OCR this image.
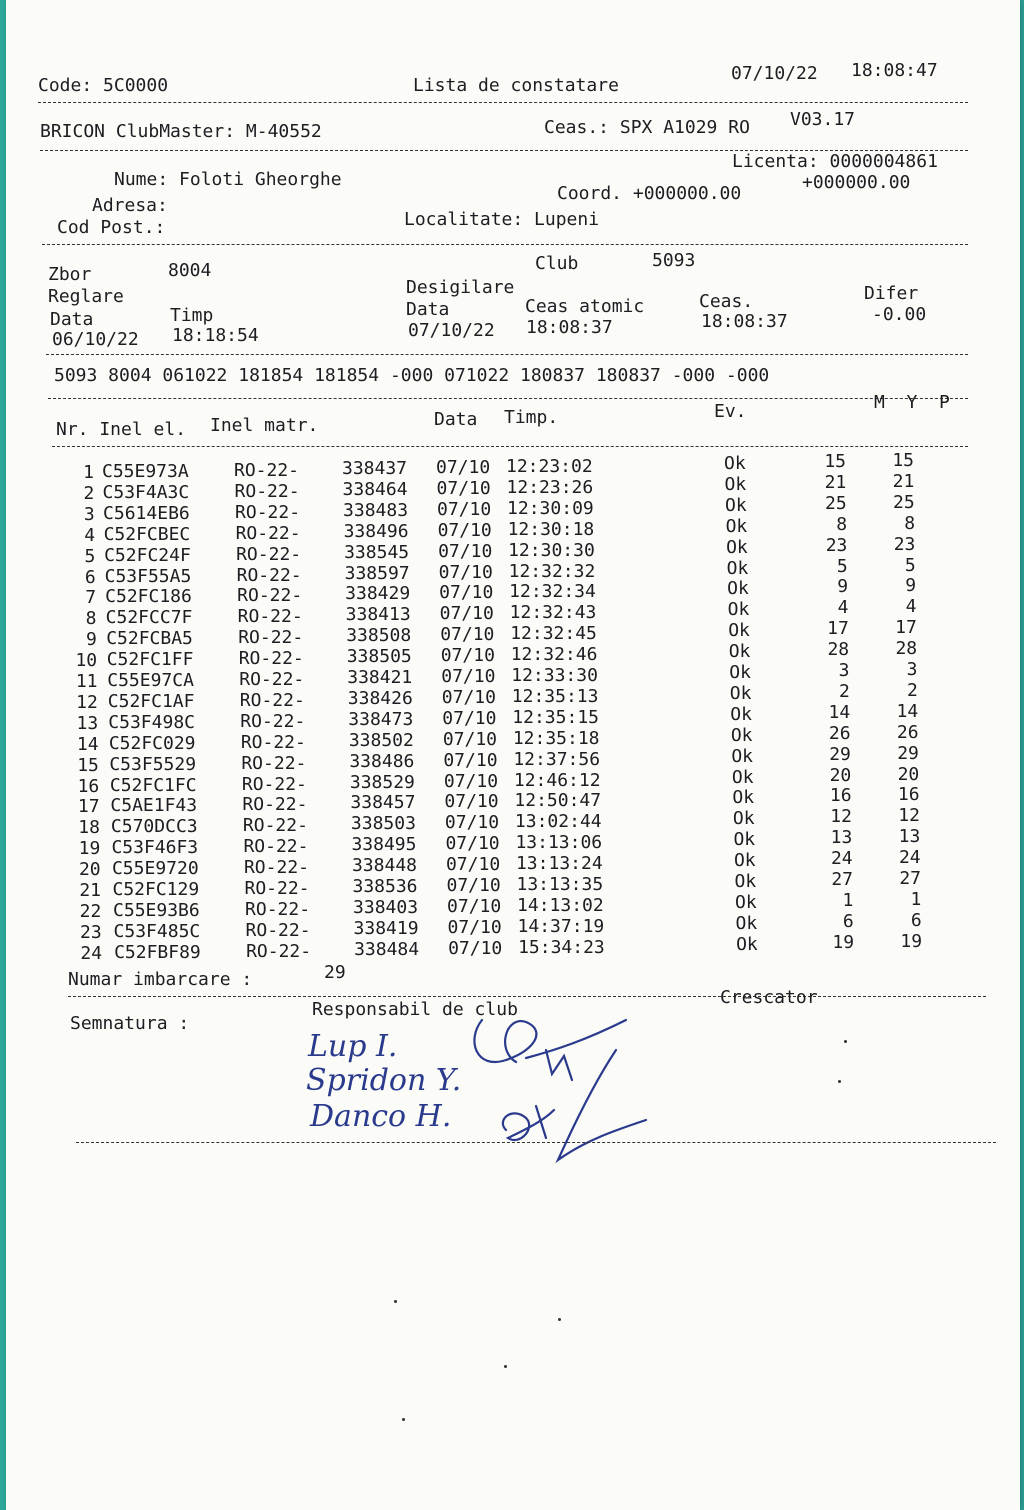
Code: 5C0000	Lista de constatare
07/10/22 18:08:47
BRICON ClubMaster: M-40552	Ceas.: SPX A1029 RO V03.17
Licenta: 0000004861
Nume: Foloti Gheorghe
Coord. +000000.00
+000000.00
Adresa:
Localitate: Lupeni
Cod Post.:
Zbor	8004	Club	5093
Reglare	Desigilare
Data	Timp	Data	Ceas atomic	Ceas.	Difer
06/10/22 18:18:54	07/10/22 18:08:37	18:08:37	-0.00
5093 8004 061022 181854 181854 -000 071022 180837 180837 -000 -000
Nr. Inel el. Inel matr.	Data Timp.	Ev.	M  Y  P
1 C55E973A	RO-22- 338437 07/10 12:23:02	Ok	15	15
2 C53F4A3C	RO-22- 338464 07/10 12:23:26	Ok	21	21
3 C5614EB6	RO-22- 338483 07/10 12:30:09	Ok	25	25
4 C52FCBEC	RO-22- 338496 07/10 12:30:18	Ok	8	8
5 C52FC24F	RO-22- 338545 07/10 12:30:30	Ok	23	23
6 C53F55A5	RO-22- 338597 07/10 12:32:32	Ok	5	5
7 C52FC186	RO-22- 338429 07/10 12:32:34	Ok	9	9
8 C52FCC7F	RO-22- 338413 07/10 12:32:43	Ok	4	4
9 C52FCBA5	RO-22- 338508 07/10 12:32:45	Ok	17	17
10 C52FC1FF	RO-22- 338505 07/10 12:32:46	Ok	28	28
11 C55E97CA	RO-22- 338421 07/10 12:33:30	Ok	3	3
12 C52FC1AF	RO-22- 338426 07/10 12:35:13	Ok	2	2
13 C53F498C	RO-22- 338473 07/10 12:35:15	Ok	14	14
14 C52FC029	RO-22- 338502 07/10 12:35:18	Ok	26	26
15 C53F5529	RO-22- 338486 07/10 12:37:56	Ok	29	29
16 C52FC1FC	RO-22- 338529 07/10 12:46:12	Ok	20	20
17 C5AE1F43	RO-22- 338457 07/10 12:50:47	Ok	16	16
18 C570DCC3	RO-22- 338503 07/10 13:02:44	Ok	12	12
19 C53F46F3	RO-22- 338495 07/10 13:13:06	Ok	13	13
20 C55E9720	RO-22- 338448 07/10 13:13:24	Ok	24	24
21 C52FC129	RO-22- 338536 07/10 13:13:35	Ok	27	27
22 C55E93B6	RO-22- 338403 07/10 14:13:02	Ok	1	1
23 C53F485C	RO-22- 338419 07/10 14:37:19	Ok	6	6
24 C52FBF89	RO-22- 338484 07/10 15:34:23	Ok	19	19
Numar imbarcare :	29
Crescator
Responsabil de club
Semnatura :
Lup I.
Spridon Y.
Danco H.
